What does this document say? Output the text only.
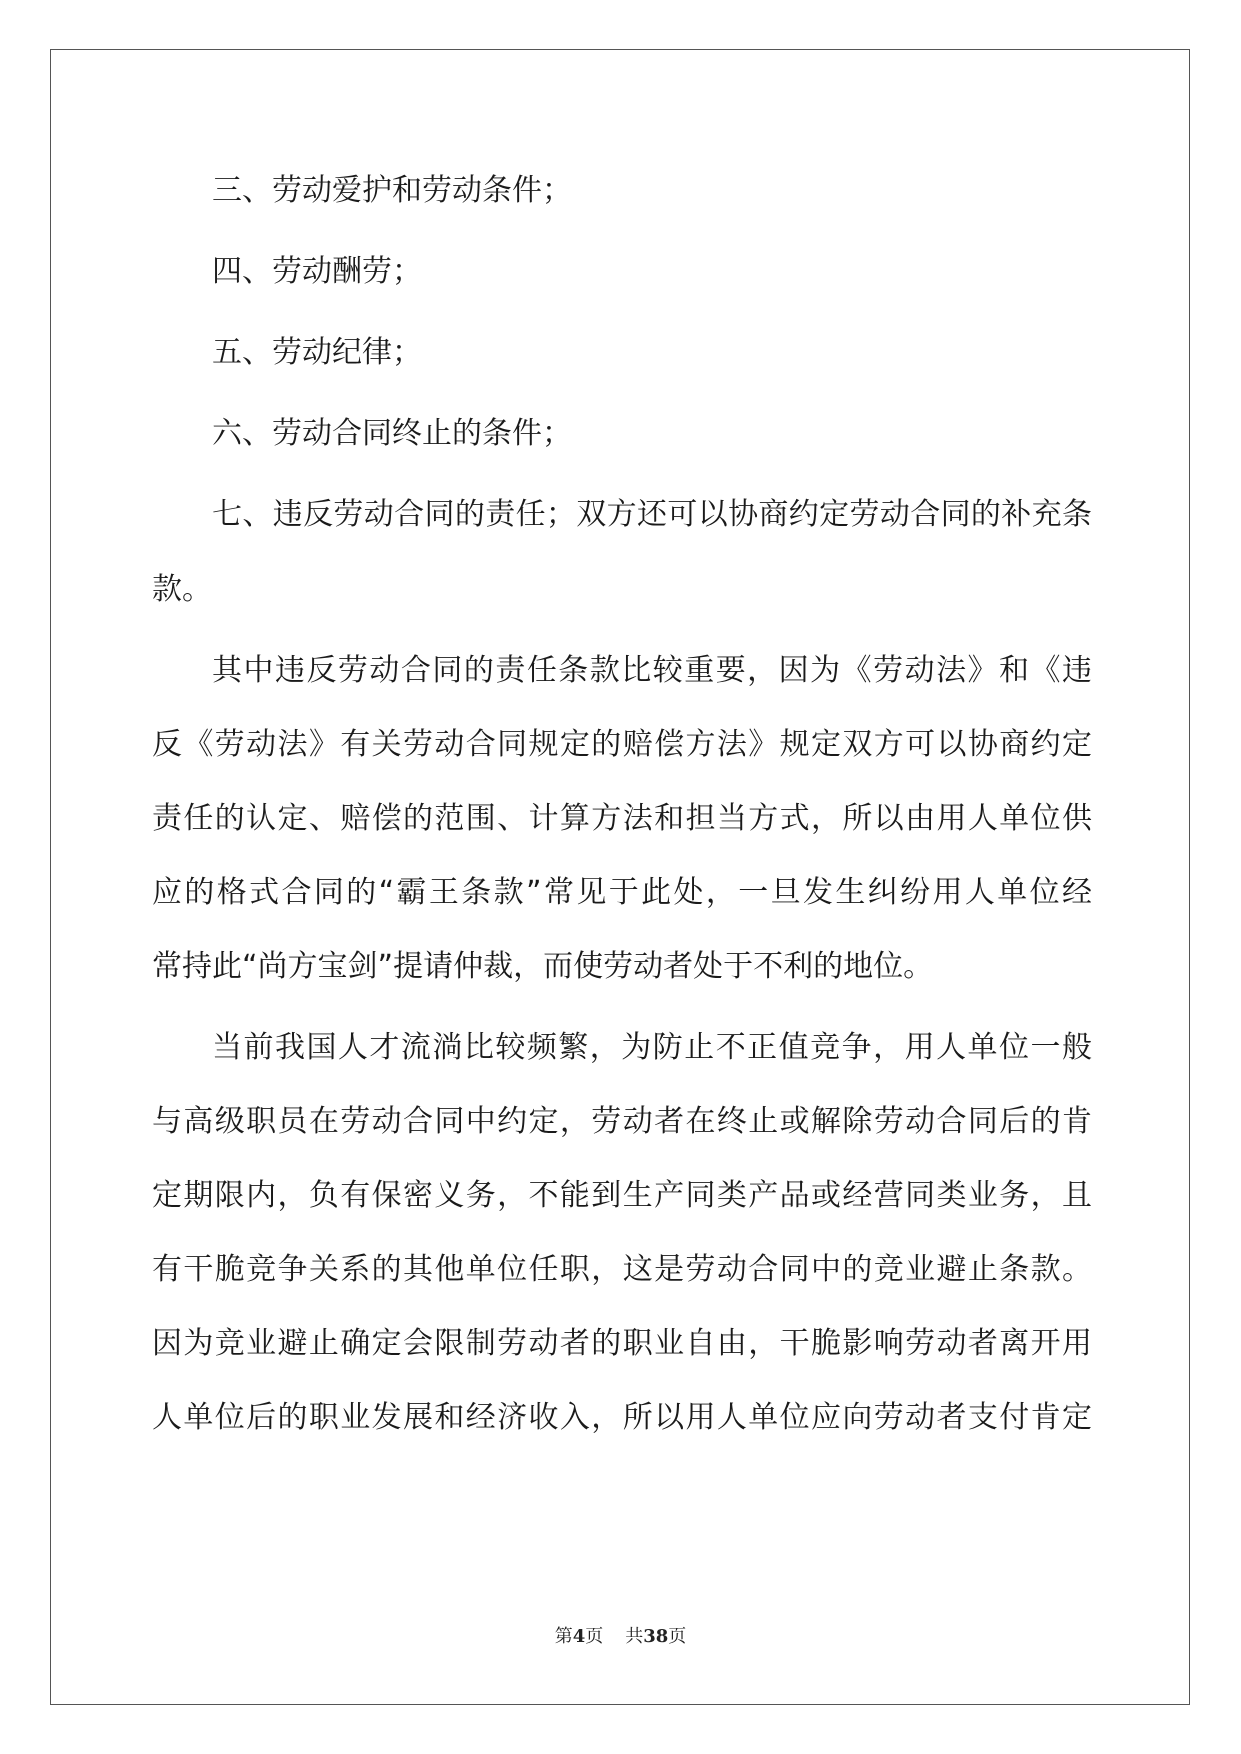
三、劳动爱护和劳动条件；
四、劳动酬劳；
五、劳动纪律；
六、劳动合同终止的条件；
七、违反劳动合同的责任；双方还可以协商约定劳动合同的补充条
款。
其中违反劳动合同的责任条款比较重要，因为《劳动法》和《违
反《劳动法》有关劳动合同规定的赔偿方法》规定双方可以协商约定
责任的认定、赔偿的范围、计算方法和担当方式，所以由用人单位供
应的格式合同的“霸王条款”常见于此处，一旦发生纠纷用人单位经
常持此“尚方宝剑”提请仲裁，而使劳动者处于不利的地位。
当前我国人才流淌比较频繁，为防止不正值竞争，用人单位一般
与高级职员在劳动合同中约定，劳动者在终止或解除劳动合同后的肯
定期限内，负有保密义务，不能到生产同类产品或经营同类业务，且
有干脆竞争关系的其他单位任职，这是劳动合同中的竞业避止条款。
因为竞业避止确定会限制劳动者的职业自由，干脆影响劳动者离开用
人单位后的职业发展和经济收入，所以用人单位应向劳动者支付肯定
第4页 共38页
